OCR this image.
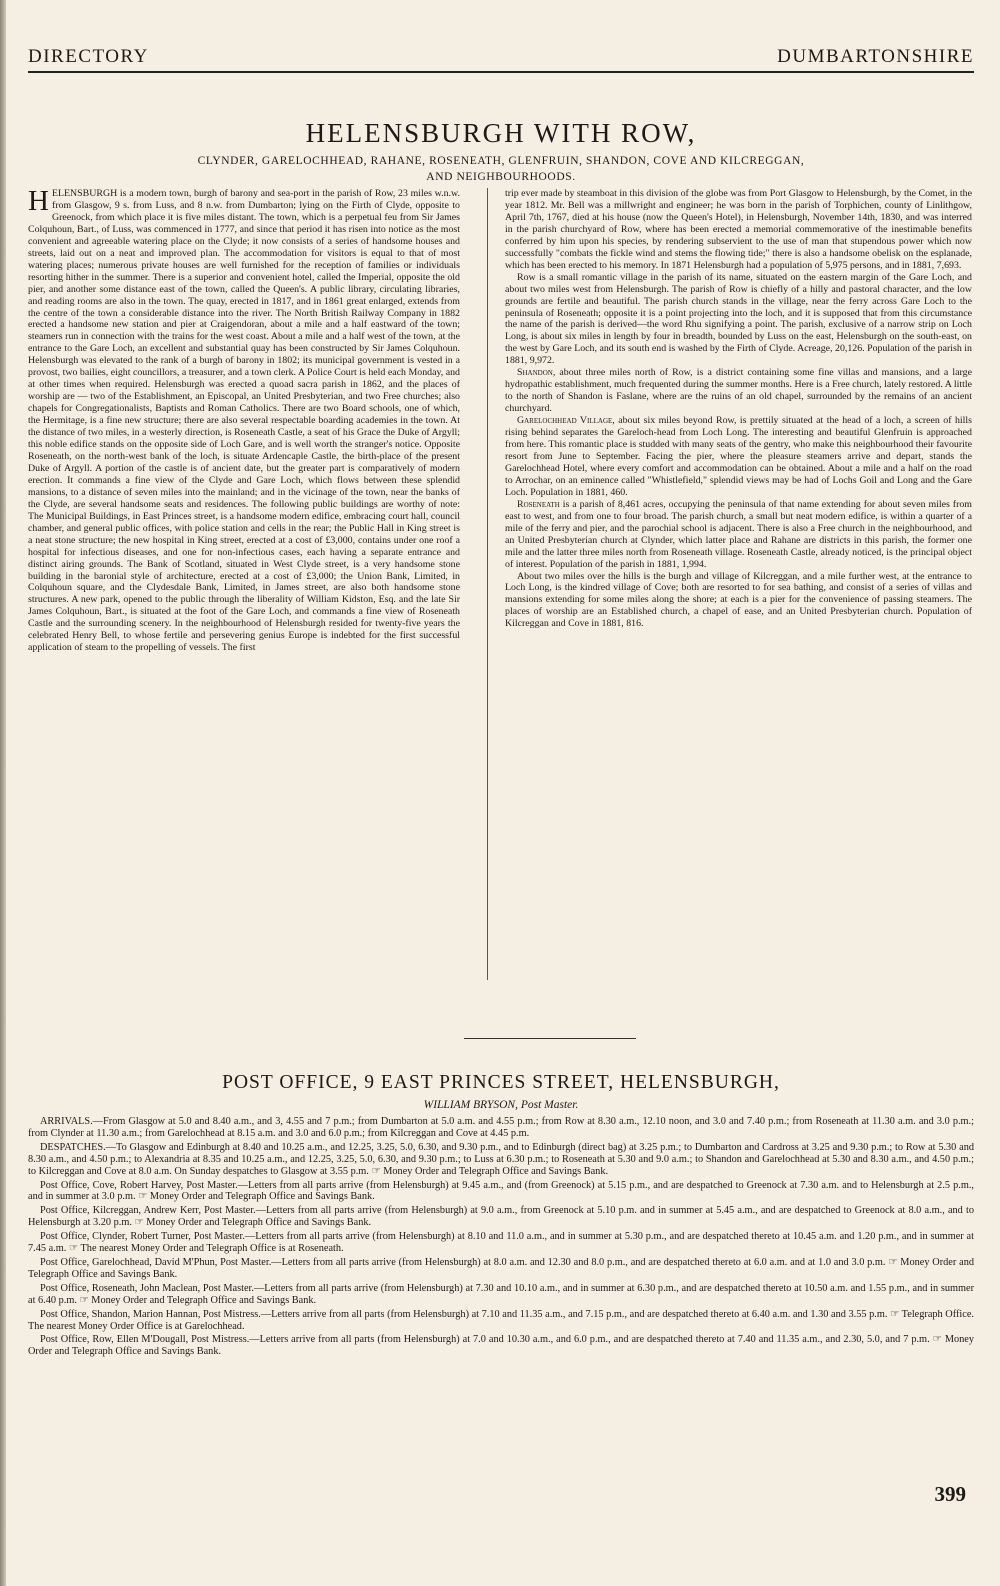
DIRECTORY	DUMBARTONSHIRE
HELENSBURGH WITH ROW,
CLYNDER, GARELOCHHEAD, RAHANE, ROSENEATH, GLENFRUIN, SHANDON, COVE AND KILCREGGAN,
AND NEIGHBOURHOODS.
H ELENSBURGH is a modern town, burgh of barony and sea-port in the parish of Row, 23 miles w.n.w. from Glasgow, 9 s. from Luss, and 8 n.w. from Dumbarton; lying on the Firth of Clyde, opposite to Greenock, from which place it is five miles distant. The town, which is a perpetual feu from Sir James Colquhoun, Bart., of Luss, was commenced in 1777, and since that period it has risen into notice as the most convenient and agreeable watering place on the Clyde; it now consists of a series of handsome houses and streets, laid out on a neat and improved plan. The accommodation for visitors is equal to that of most watering places; numerous private houses are well furnished for the reception of families or individuals resorting hither in the summer. There is a superior and convenient hotel, called the Imperial, opposite the old pier, and another some distance east of the town, called the Queen's. A public library, circulating libraries, and reading rooms are also in the town. The quay, erected in 1817, and in 1861 great enlarged, extends from the centre of the town a considerable distance into the river. The North British Railway Company in 1882 erected a handsome new station and pier at Craigendoran, about a mile and a half eastward of the town; steamers run in connection with the trains for the west coast. About a mile and a half west of the town, at the entrance to the Gare Loch, an excellent and substantial quay has been constructed by Sir James Colquhoun. Helensburgh was elevated to the rank of a burgh of barony in 1802; its municipal government is vested in a provost, two bailies, eight councillors, a treasurer, and a town clerk. A Police Court is held each Monday, and at other times when required. Helensburgh was erected a quoad sacra parish in 1862, and the places of worship are — two of the Establishment, an Episcopal, an United Presbyterian, and two Free churches; also chapels for Congregationalists, Baptists and Roman Catholics. There are two Board schools, one of which, the Hermitage, is a fine new structure; there are also several respectable boarding academies in the town. At the distance of two miles, in a westerly direction, is Roseneath Castle, a seat of his Grace the Duke of Argyll; this noble edifice stands on the opposite side of Loch Gare, and is well worth the stranger's notice. Opposite Roseneath, on the north-west bank of the loch, is situate Ardencaple Castle, the birth-place of the present Duke of Argyll. A portion of the castle is of ancient date, but the greater part is comparatively of modern erection. It commands a fine view of the Clyde and Gare Loch, which flows between these splendid mansions, to a distance of seven miles into the mainland; and in the vicinage of the town, near the banks of the Clyde, are several handsome seats and residences. The following public buildings are worthy of note: The Municipal Buildings, in East Princes street, is a handsome modern edifice, embracing court hall, council chamber, and general public offices, with police station and cells in the rear; the Public Hall in King street is a neat stone structure; the new hospital in King street, erected at a cost of £3,000, contains under one roof a hospital for infectious diseases, and one for non-infectious cases, each having a separate entrance and distinct airing grounds. The Bank of Scotland, situated in West Clyde street, is a very handsome stone building in the baronial style of architecture, erected at a cost of £3,000; the Union Bank, Limited, in Colquhoun square, and the Clydesdale Bank, Limited, in James street, are also both handsome stone structures. A new park, opened to the public through the liberality of William Kidston, Esq. and the late Sir James Colquhoun, Bart., is situated at the foot of the Gare Loch, and commands a fine view of Roseneath Castle and the surrounding scenery. In the neighbourhood of Helensburgh resided for twenty-five years the celebrated Henry Bell, to whose fertile and persevering genius Europe is indebted for the first successful application of steam to the propelling of vessels. The first

trip ever made by steamboat in this division of the globe was from Port Glasgow to Helensburgh, by the Comet, in the year 1812. Mr. Bell was a millwright and engineer; he was born in the parish of Torphichen, county of Linlithgow, April 7th, 1767, died at his house (now the Queen's Hotel), in Helensburgh, November 14th, 1830, and was interred in the parish churchyard of Row, where has been erected a memorial commemorative of the inestimable benefits conferred by him upon his species, by rendering subservient to the use of man that stupendous power which now successfully "combats the fickle wind and stems the flowing tide;" there is also a handsome obelisk on the esplanade, which has been erected to his memory. In 1871 Helensburgh had a population of 5,975 persons, and in 1881, 7,693.

Row is a small romantic village in the parish of its name, situated on the eastern margin of the Gare Loch, and about two miles west from Helensburgh. The parish of Row is chiefly of a hilly and pastoral character, and the low grounds are fertile and beautiful. The parish church stands in the village, near the ferry across Gare Loch to the peninsula of Roseneath; opposite it is a point projecting into the loch, and it is supposed that from this circumstance the name of the parish is derived—the word Rhu signifying a point. The parish, exclusive of a narrow strip on Loch Long, is about six miles in length by four in breadth, bounded by Luss on the east, Helensburgh on the south-east, on the west by Gare Loch, and its south end is washed by the Firth of Clyde. Acreage, 20,126. Population of the parish in 1881, 9,972.

Shandon, about three miles north of Row, is a district containing some fine villas and mansions, and a large hydropathic establishment, much frequented during the summer months. Here is a Free church, lately restored. A little to the north of Shandon is Faslane, where are the ruins of an old chapel, surrounded by the remains of an ancient churchyard.

Garelochhead Village, about six miles beyond Row, is prettily situated at the head of a loch, a screen of hills rising behind separates the Gareloch-head from Loch Long. The interesting and beautiful Glenfruin is approached from here. This romantic place is studded with many seats of the gentry, who make this neighbourhood their favourite resort from June to September. Facing the pier, where the pleasure steamers arrive and depart, stands the Garelochhead Hotel, where every comfort and accommodation can be obtained. About a mile and a half on the road to Arrochar, on an eminence called "Whistlefield," splendid views may be had of Lochs Goil and Long and the Gare Loch. Population in 1881, 460.

Roseneath is a parish of 8,461 acres, occupying the peninsula of that name extending for about seven miles from east to west, and from one to four broad. The parish church, a small but neat modern edifice, is within a quarter of a mile of the ferry and pier, and the parochial school is adjacent. There is also a Free church in the neighbourhood, and an United Presbyterian church at Clynder, which latter place and Rahane are districts in this parish, the former one mile and the latter three miles north from Roseneath village. Roseneath Castle, already noticed, is the principal object of interest. Population of the parish in 1881, 1,994.

About two miles over the hills is the burgh and village of Kilcreggan, and a mile further west, at the entrance to Loch Long, is the kindred village of Cove; both are resorted to for sea bathing, and consist of a series of villas and mansions extending for some miles along the shore; at each is a pier for the convenience of passing steamers. The places of worship are an Established church, a chapel of ease, and an United Presbyterian church. Population of Kilcreggan and Cove in 1881, 816.

POST OFFICE, 9 EAST PRINCES STREET, HELENSBURGH,
WILLIAM BRYSON, Post Master.

ARRIVALS.—From Glasgow at 5.0 and 8.40 a.m., and 3, 4.55 and 7 p.m.; from Dumbarton at 5.0 a.m. and 4.55 p.m.; from Row at 8.30 a.m., 12.10 noon, and 3.0 and 7.40 p.m.; from Roseneath at 11.30 a.m. and 3.0 p.m.; from Clynder at 11.30 a.m.; from Garelochhead at 8.15 a.m. and 3.0 and 6.0 p.m.; from Kilcreggan and Cove at 4.45 p.m.

DESPATCHES.—To Glasgow and Edinburgh at 8.40 and 10.25 a.m., and 12.25, 3.25, 5.0, 6.30, and 9.30 p.m., and to Edinburgh (direct bag) at 3.25 p.m.; to Dumbarton and Cardross at 3.25 and 9.30 p.m.; to Row at 5.30 and 8.30 a.m., and 4.50 p.m.; to Alexandria at 8.35 and 10.25 a.m., and 12.25, 3.25, 5.0, 6.30, and 9.30 p.m.; to Luss at 6.30 p.m.; to Roseneath at 5.30 and 9.0 a.m.; to Shandon and Garelochhead at 5.30 and 8.30 a.m., and 4.50 p.m.; to Kilcreggan and Cove at 8.0 a.m. On Sunday despatches to Glasgow at 3.55 p.m. ☞ Money Order and Telegraph Office and Savings Bank.

Post Office, Cove, Robert Harvey, Post Master.—Letters from all parts arrive (from Helensburgh) at 9.45 a.m., and (from Greenock) at 5.15 p.m., and are despatched to Greenock at 7.30 a.m. and to Helensburgh at 2.5 p.m., and in summer at 3.0 p.m. ☞ Money Order and Telegraph Office and Savings Bank.

Post Office, Kilcreggan, Andrew Kerr, Post Master.—Letters from all parts arrive (from Helensburgh) at 9.0 a.m., from Greenock at 5.10 p.m. and in summer at 5.45 a.m., and are despatched to Greenock at 8.0 a.m., and to Helensburgh at 3.20 p.m. ☞ Money Order and Telegraph Office and Savings Bank.

Post Office, Clynder, Robert Turner, Post Master.—Letters from all parts arrive (from Helensburgh) at 8.10 and 11.0 a.m., and in summer at 5.30 p.m., and are despatched thereto at 10.45 a.m. and 1.20 p.m., and in summer at 7.45 a.m. ☞ The nearest Money Order and Telegraph Office is at Roseneath.

Post Office, Garelochhead, David M'Phun, Post Master.—Letters from all parts arrive (from Helensburgh) at 8.0 a.m. and 12.30 and 8.0 p.m., and are despatched thereto at 6.0 a.m. and at 1.0 and 3.0 p.m. ☞ Money Order and Telegraph Office and Savings Bank.

Post Office, Roseneath, John Maclean, Post Master.—Letters from all parts arrive (from Helensburgh) at 7.30 and 10.10 a.m., and in summer at 6.30 p.m., and are despatched thereto at 10.50 a.m. and 1.55 p.m., and in summer at 6.40 p.m. ☞ Money Order and Telegraph Office and Savings Bank.

Post Office, Shandon, Marion Hannan, Post Mistress.—Letters arrive from all parts (from Helensburgh) at 7.10 and 11.35 a.m., and 7.15 p.m., and are despatched thereto at 6.40 a.m. and 1.30 and 3.55 p.m. ☞ Telegraph Office. The nearest Money Order Office is at Garelochhead.

Post Office, Row, Ellen M'Dougall, Post Mistress.—Letters arrive from all parts (from Helensburgh) at 7.0 and 10.30 a.m., and 6.0 p.m., and are despatched thereto at 7.40 and 11.35 a.m., and 2.30, 5.0, and 7 p.m. ☞ Money Order and Telegraph Office and Savings Bank.

399
